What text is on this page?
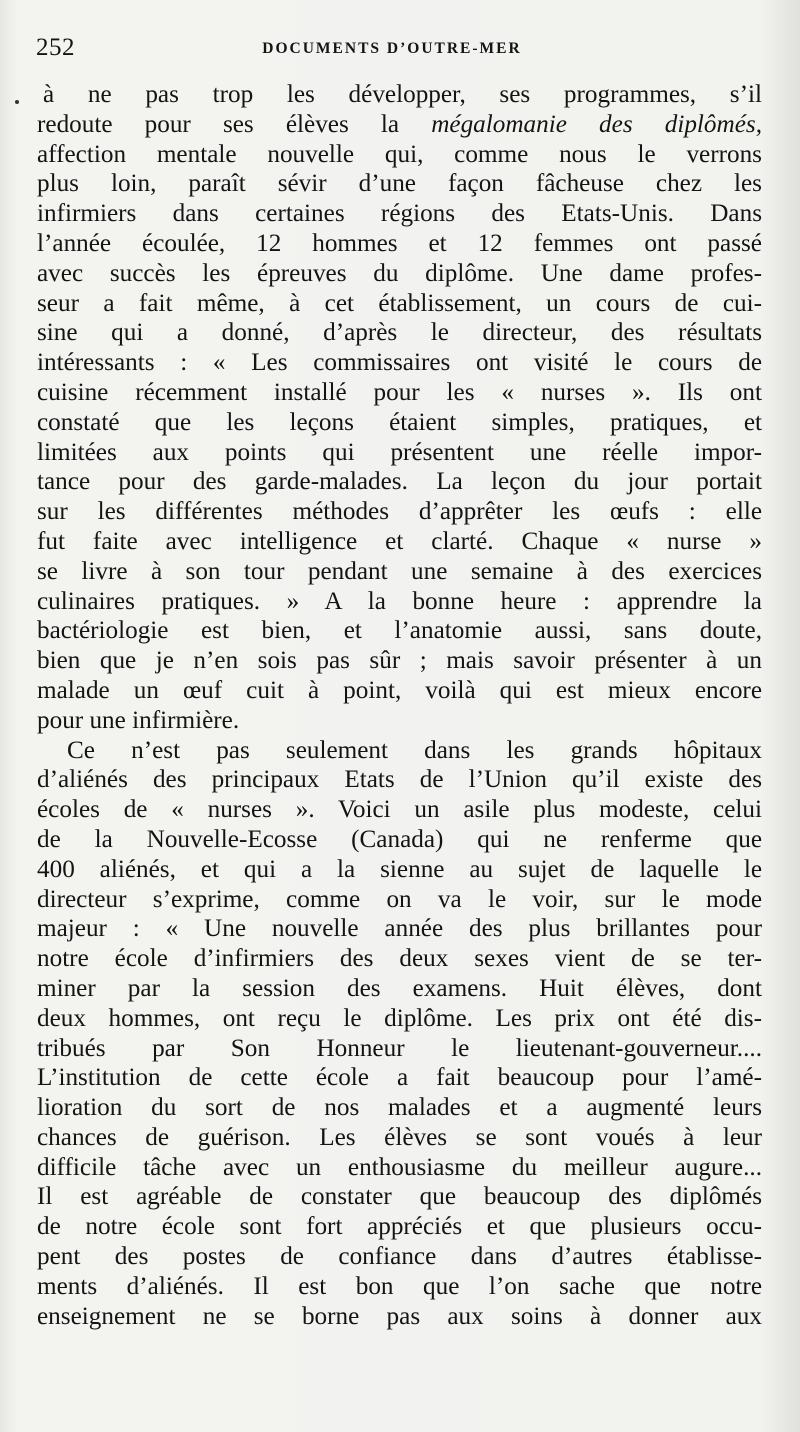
252	DOCUMENTS D’OUTRE-MER
à ne pas trop les développer, ses programmes, s’il
redoute pour ses élèves la mégalomanie des diplômés,
affection mentale nouvelle qui, comme nous le verrons
plus loin, paraît sévir d’une façon fâcheuse chez les
infirmiers dans certaines régions des Etats-Unis. Dans
l’année écoulée, 12 hommes et 12 femmes ont passé
avec succès les épreuves du diplôme. Une dame profes-
seur a fait même, à cet établissement, un cours de cui-
sine qui a donné, d’après le directeur, des résultats
intéressants : « Les commissaires ont visité le cours de
cuisine récemment installé pour les « nurses ». Ils ont
constaté que les leçons étaient simples, pratiques, et
limitées aux points qui présentent une réelle impor-
tance pour des garde-malades. La leçon du jour portait
sur les différentes méthodes d’apprêter les œufs : elle
fut faite avec intelligence et clarté. Chaque « nurse »
se livre à son tour pendant une semaine à des exercices
culinaires pratiques. » A la bonne heure : apprendre la
bactériologie est bien, et l’anatomie aussi, sans doute,
bien que je n’en sois pas sûr ; mais savoir présenter à un
malade un œuf cuit à point, voilà qui est mieux encore
pour une infirmière.
Ce n’est pas seulement dans les grands hôpitaux
d’aliénés des principaux Etats de l’Union qu’il existe des
écoles de « nurses ». Voici un asile plus modeste, celui
de la Nouvelle-Ecosse (Canada) qui ne renferme que
400 aliénés, et qui a la sienne au sujet de laquelle le
directeur s’exprime, comme on va le voir, sur le mode
majeur : « Une nouvelle année des plus brillantes pour
notre école d’infirmiers des deux sexes vient de se ter-
miner par la session des examens. Huit élèves, dont
deux hommes, ont reçu le diplôme. Les prix ont été dis-
tribués par Son Honneur le lieutenant-gouverneur....
L’institution de cette école a fait beaucoup pour l’amé-
lioration du sort de nos malades et a augmenté leurs
chances de guérison. Les élèves se sont voués à leur
difficile tâche avec un enthousiasme du meilleur augure...
Il est agréable de constater que beaucoup des diplômés
de notre école sont fort appréciés et que plusieurs occu-
pent des postes de confiance dans d’autres établisse-
ments d’aliénés. Il est bon que l’on sache que notre
enseignement ne se borne pas aux soins à donner aux
